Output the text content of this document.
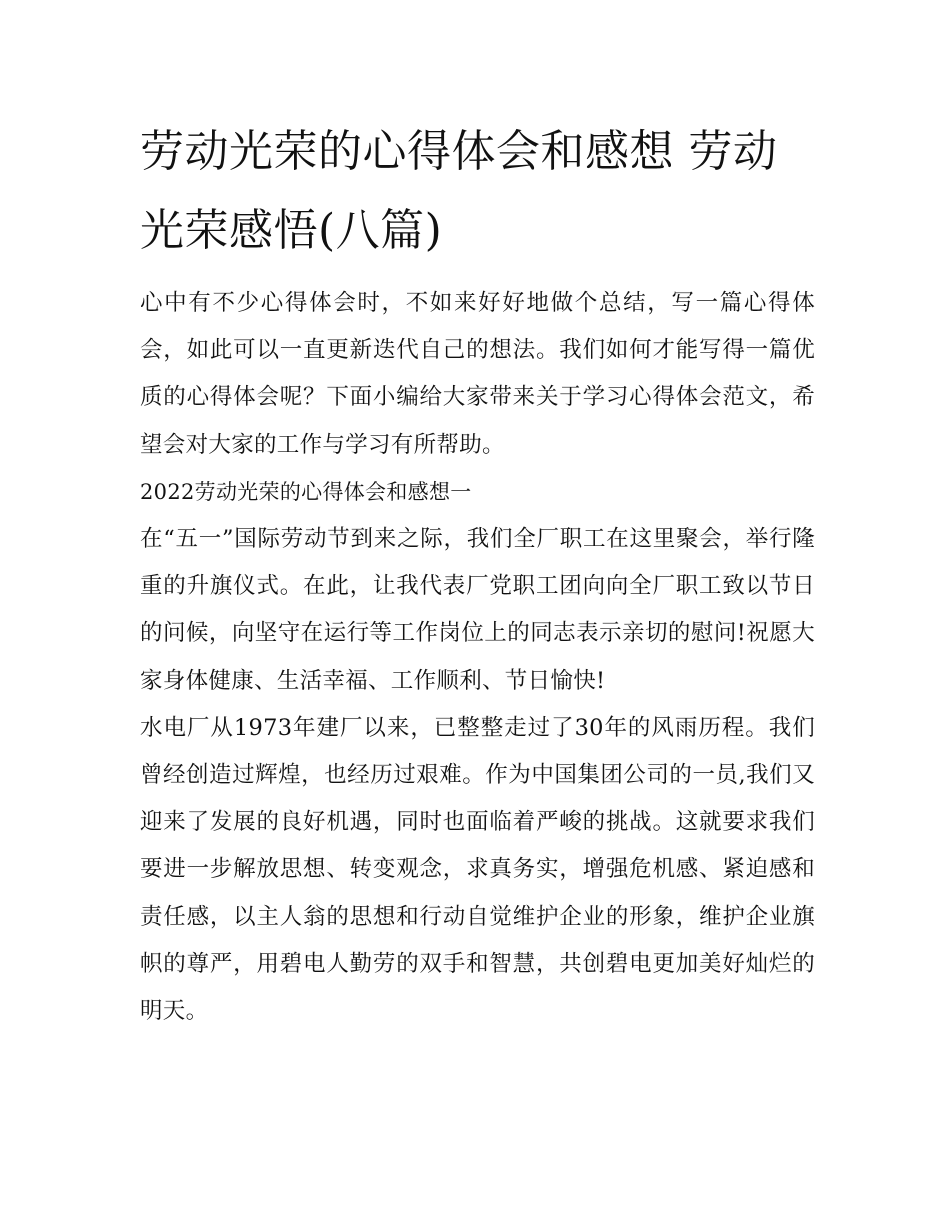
劳动光荣的心得体会和感想 劳动光荣感悟(八篇)

心中有不少心得体会时，不如来好好地做个总结，写一篇心得体会，如此可以一直更新迭代自己的想法。我们如何才能写得一篇优质的心得体会呢？下面小编给大家带来关于学习心得体会范文，希望会对大家的工作与学习有所帮助。

2022劳动光荣的心得体会和感想一

在“五一”国际劳动节到来之际，我们全厂职工在这里聚会，举行隆重的升旗仪式。在此，让我代表厂党职工团向向全厂职工致以节日的问候，向坚守在运行等工作岗位上的同志表示亲切的慰问!祝愿大家身体健康、生活幸福、工作顺利、节日愉快!

水电厂从1973年建厂以来，已整整走过了30年的风雨历程。我们曾经创造过辉煌，也经历过艰难。作为中国集团公司的一员,我们又迎来了发展的良好机遇，同时也面临着严峻的挑战。这就要求我们要进一步解放思想、转变观念，求真务实，增强危机感、紧迫感和责任感，以主人翁的思想和行动自觉维护企业的形象，维护企业旗帜的尊严，用碧电人勤劳的双手和智慧，共创碧电更加美好灿烂的明天。
